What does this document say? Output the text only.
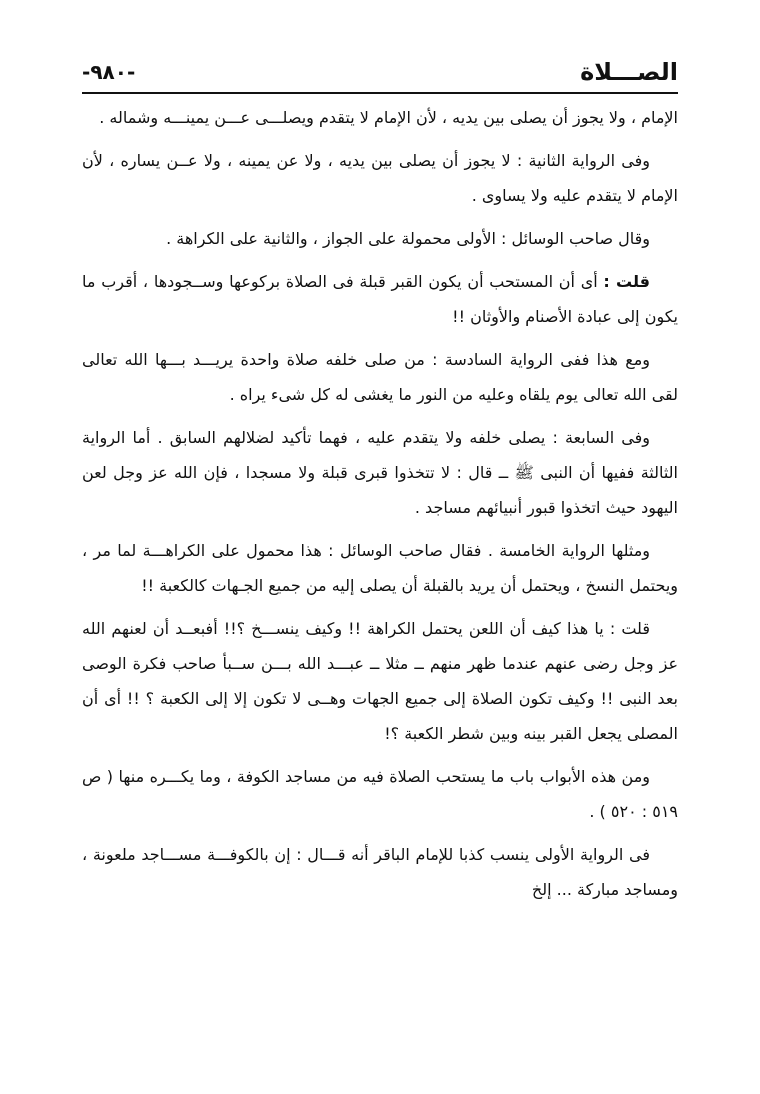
الصـــلاة
-٩٨٠-

الإمام ، ولا يجوز أن يصلى بين يديه ، لأن الإمام لا يتقدم ويصلـــى عـــن يمينـــه وشماله .

وفى الرواية الثانية : لا يجوز أن يصلى بين يديه ، ولا عن يمينه ، ولا عــن يساره ، لأن الإمام لا يتقدم عليه ولا يساوى .

وقال صاحب الوسائل : الأولى محمولة على الجواز ، والثانية على الكراهة .

قلت : أى أن المستحب أن يكون القبر قبلة فى الصلاة بركوعها وســجودها ، أقرب ما يكون إلى عبادة الأصنام والأوثان !!

ومع هذا ففى الرواية السادسة : من صلى خلفه صلاة واحدة يريـــد بـــها الله تعالى لقى الله تعالى يوم يلقاه وعليه من النور ما يغشى له كل شىء يراه .

وفى السابعة : يصلى خلفه ولا يتقدم عليه ، فهما تأكيد لضلالهم السابق . أما الرواية الثالثة ففيها أن النبى ﷺ ــ قال : لا تتخذوا قبرى قبلة ولا مسجدا ، فإن الله عز وجل لعن اليهود حيث اتخذوا قبور أنبيائهم مساجد .

ومثلها الرواية الخامسة . فقال صاحب الوسائل : هذا محمول على الكراهـــة لما مر ، ويحتمل النسخ ، ويحتمل أن يريد بالقبلة أن يصلى إليه من جميع الجـهات كالكعبة !!

قلت : يا هذا كيف أن اللعن يحتمل الكراهة !! وكيف ينســـخ ؟!! أفبعــد أن لعنهم الله عز وجل رضى عنهم عندما ظهر منهم ــ مثلا ــ عبـــد الله بـــن ســبأ صاحب فكرة الوصى بعد النبى !! وكيف تكون الصلاة إلى جميع الجهات وهــى لا تكون إلا إلى الكعبة ؟ !! أى أن المصلى يجعل القبر بينه وبين شطر الكعبة ؟!

ومن هذه الأبواب باب ما يستحب الصلاة فيه من مساجد الكوفة ، وما يكـــره منها ( ص ٥١٩ : ٥٢٠ ) .

فى الرواية الأولى ينسب كذبا للإمام الباقر أنه قـــال : إن بالكوفـــة مســـاجد ملعونة ، ومساجد مباركة ... إلخ
